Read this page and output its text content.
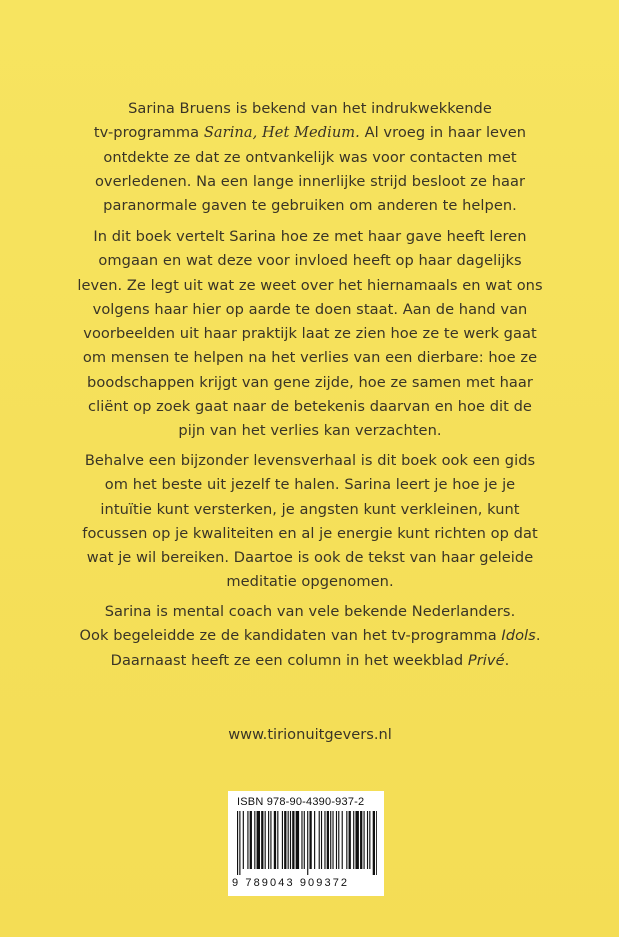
Sarina Bruens is bekend van het indrukwekkende
tv-programma Sarina, Het Medium. Al vroeg in haar leven
ontdekte ze dat ze ontvankelijk was voor contacten met
overledenen. Na een lange innerlijke strijd besloot ze haar
paranormale gaven te gebruiken om anderen te helpen.
In dit boek vertelt Sarina hoe ze met haar gave heeft leren
omgaan en wat deze voor invloed heeft op haar dagelijks
leven. Ze legt uit wat ze weet over het hiernamaals en wat ons
volgens haar hier op aarde te doen staat. Aan de hand van
voorbeelden uit haar praktijk laat ze zien hoe ze te werk gaat
om mensen te helpen na het verlies van een dierbare: hoe ze
boodschappen krijgt van gene zijde, hoe ze samen met haar
cliënt op zoek gaat naar de betekenis daarvan en hoe dit de
pijn van het verlies kan verzachten.
Behalve een bijzonder levensverhaal is dit boek ook een gids
om het beste uit jezelf te halen. Sarina leert je hoe je je
intuïtie kunt versterken, je angsten kunt verkleinen, kunt
focussen op je kwaliteiten en al je energie kunt richten op dat
wat je wil bereiken. Daartoe is ook de tekst van haar geleide
meditatie opgenomen.
Sarina is mental coach van vele bekende Nederlanders.
Ook begeleidde ze de kandidaten van het tv-programma Idols.
Daarnaast heeft ze een column in het weekblad Privé.
www.tirionuitgevers.nl
ISBN 978-90-4390-937-2
9 789043 909372
